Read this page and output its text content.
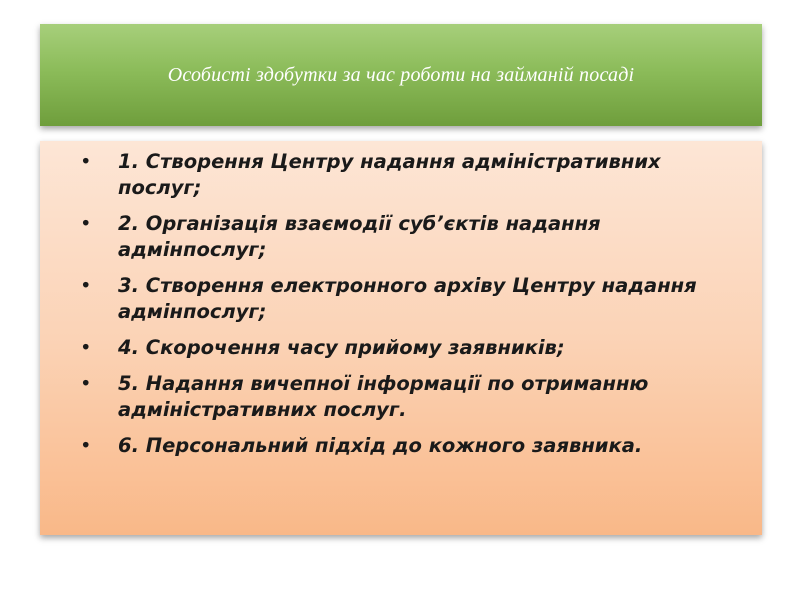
Особисті здобутки за час роботи на займаній посаді
• 1. Створення Центру надання адміністративних послуг;
• 2. Організація взаємодії суб’єктів надання адмінпослуг;
• 3. Створення електронного архіву Центру надання адмінпослуг;
• 4. Скорочення часу прийому заявників;
• 5. Надання вичепної інформації по отриманню адміністративних послуг.
• 6. Персональний підхід до кожного заявника.
